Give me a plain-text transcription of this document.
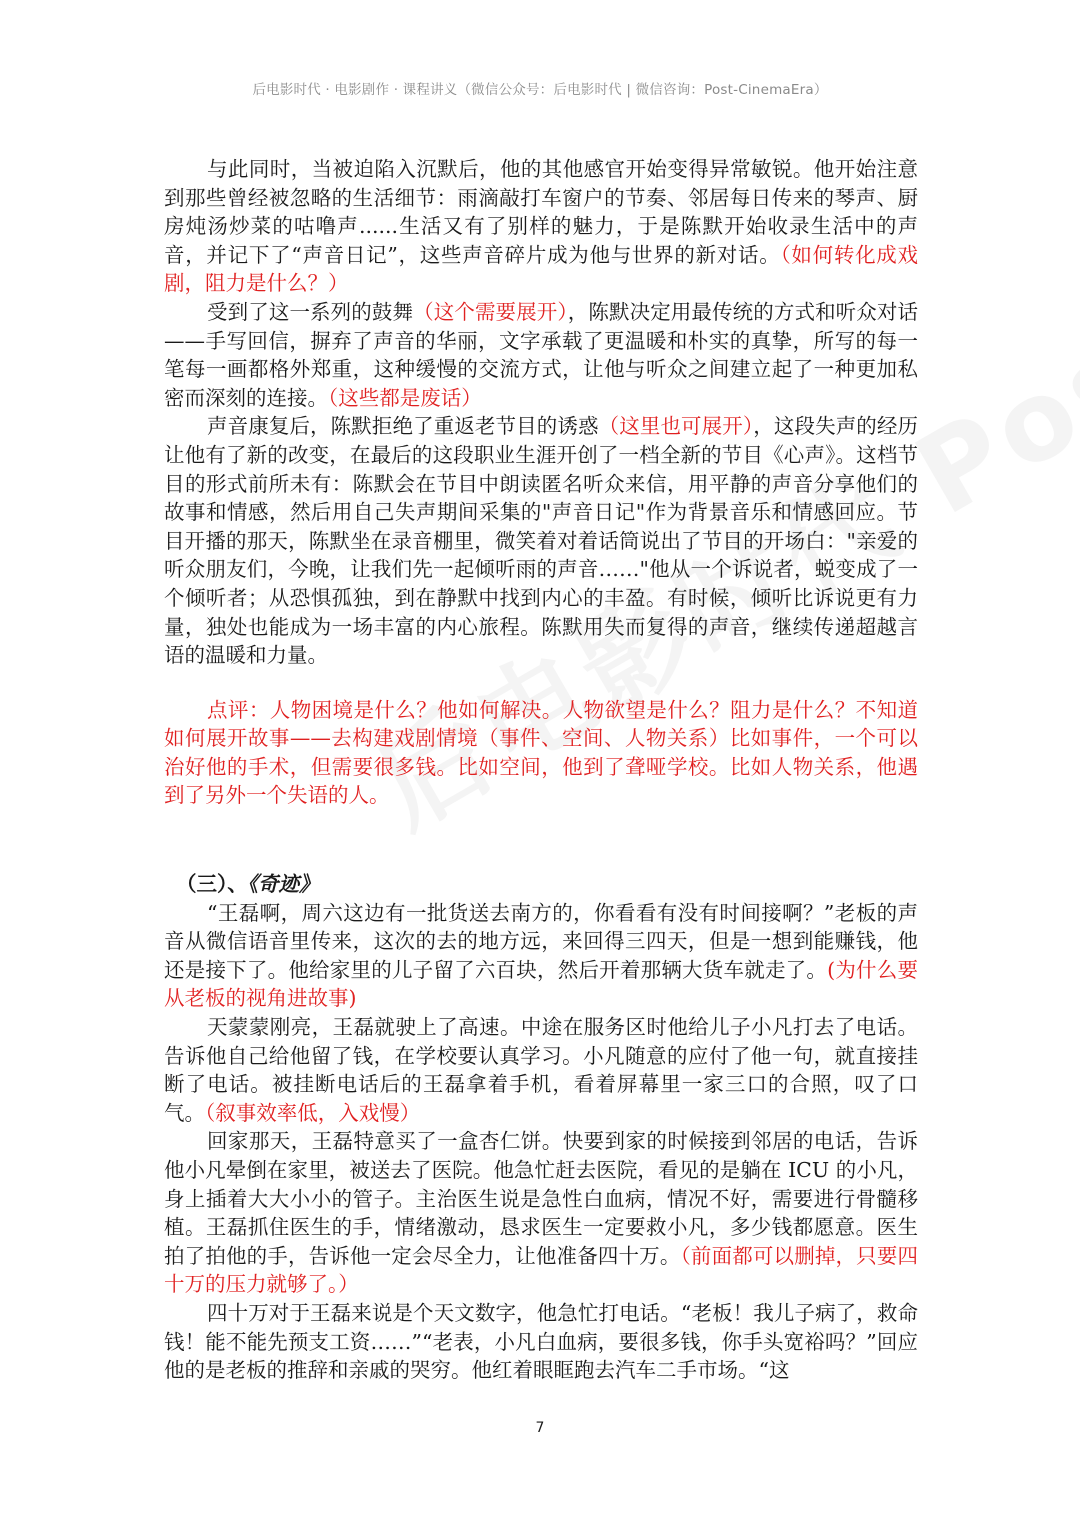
后电影时代 · 电影剧作 · 课程讲义（微信公众号：后电影时代 | 微信咨询：Post-CinemaEra）

与此同时，当被迫陷入沉默后，他的其他感官开始变得异常敏锐。他开始注意到那些曾经被忽略的生活细节：雨滴敲打车窗户的节奏、邻居每日传来的琴声、厨房炖汤炒菜的咕噜声......生活又有了别样的魅力，于是陈默开始收录生活中的声音，并记下了“声音日记”，这些声音碎片成为他与世界的新对话。（如何转化成戏剧，阻力是什么？）

受到了这一系列的鼓舞（这个需要展开），陈默决定用最传统的方式和听众对话——手写回信，摒弃了声音的华丽，文字承载了更温暖和朴实的真挚，所写的每一笔每一画都格外郑重，这种缓慢的交流方式，让他与听众之间建立起了一种更加私密而深刻的连接。（这些都是废话）

声音康复后，陈默拒绝了重返老节目的诱惑（这里也可展开），这段失声的经历让他有了新的改变，在最后的这段职业生涯开创了一档全新的节目《心声》。这档节目的形式前所未有：陈默会在节目中朗读匿名听众来信，用平静的声音分享他们的故事和情感，然后用自己失声期间采集的"声音日记"作为背景音乐和情感回应。节目开播的那天，陈默坐在录音棚里，微笑着对着话筒说出了节目的开场白："亲爱的听众朋友们，今晚，让我们先一起倾听雨的声音……"他从一个诉说者，蜕变成了一个倾听者；从恐惧孤独，到在静默中找到内心的丰盈。有时候，倾听比诉说更有力量，独处也能成为一场丰富的内心旅程。陈默用失而复得的声音，继续传递超越言语的温暖和力量。

点评：人物困境是什么？他如何解决。人物欲望是什么？阻力是什么？不知道如何展开故事——去构建戏剧情境（事件、空间、人物关系）比如事件，一个可以治好他的手术，但需要很多钱。比如空间，他到了聋哑学校。比如人物关系，他遇到了另外一个失语的人。

（三）、《奇迹》

“王磊啊，周六这边有一批货送去南方的，你看看有没有时间接啊？”老板的声音从微信语音里传来，这次的去的地方远，来回得三四天，但是一想到能赚钱，他还是接下了。他给家里的儿子留了六百块，然后开着那辆大货车就走了。(为什么要从老板的视角进故事)

天蒙蒙刚亮，王磊就驶上了高速。中途在服务区时他给儿子小凡打去了电话。告诉他自己给他留了钱，在学校要认真学习。小凡随意的应付了他一句，就直接挂断了电话。被挂断电话后的王磊拿着手机，看着屏幕里一家三口的合照，叹了口气。（叙事效率低，入戏慢）

回家那天，王磊特意买了一盒杏仁饼。快要到家的时候接到邻居的电话，告诉他小凡晕倒在家里，被送去了医院。他急忙赶去医院，看见的是躺在 ICU 的小凡，身上插着大大小小的管子。主治医生说是急性白血病，情况不好，需要进行骨髓移植。王磊抓住医生的手，情绪激动，恳求医生一定要救小凡，多少钱都愿意。医生拍了拍他的手，告诉他一定会尽全力，让他准备四十万。（前面都可以删掉，只要四十万的压力就够了。）

四十万对于王磊来说是个天文数字，他急忙打电话。“老板！我儿子病了，救命钱！能不能先预支工资……”“老表，小凡白血病，要很多钱，你手头宽裕吗？”回应他的是老板的推辞和亲戚的哭穷。他红着眼眶跑去汽车二手市场。“这

7
